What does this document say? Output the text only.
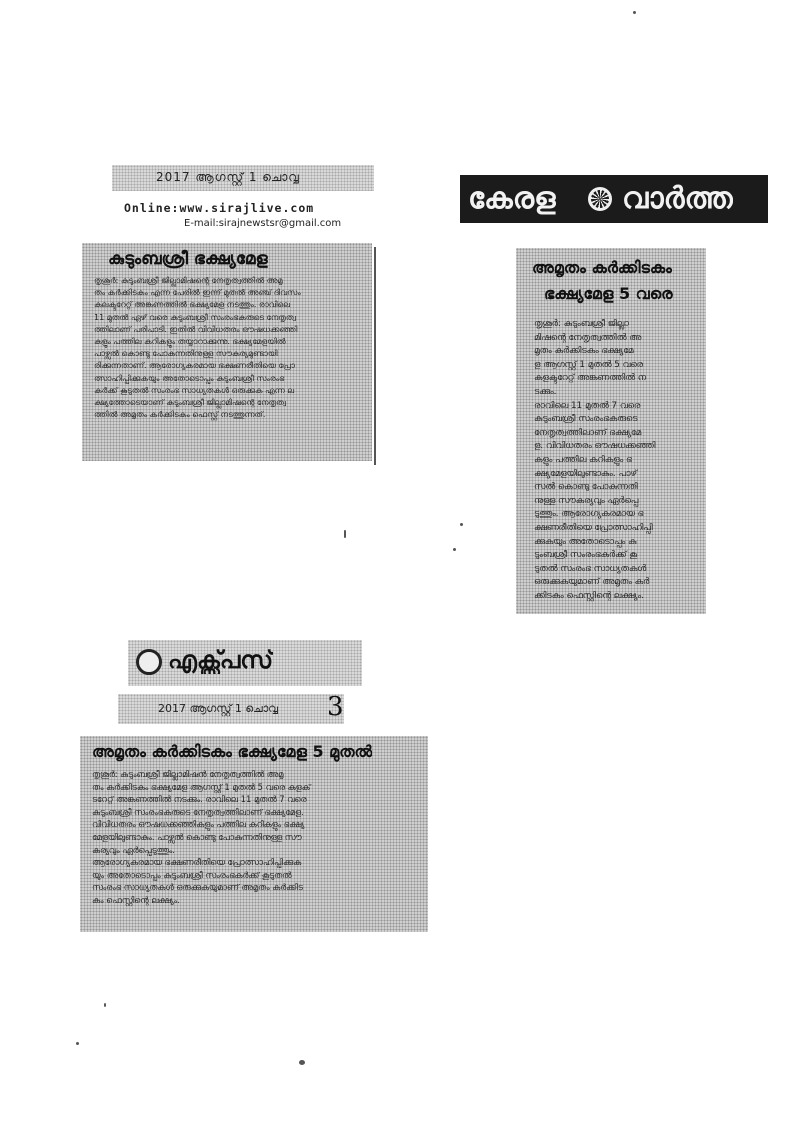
2017 ആഗസ്റ്റ് 1 ചൊവ്വ
Online:www.sirajlive.com
E-mail:sirajnewstsr@gmail.com
കുടുംബശ്രീ ഭക്ഷ്യമേള
തൃശൂർ: കുടുംബശ്രീ ജില്ലാമിഷന്റെ നേതൃത്വത്തിൽ അമൃ
തം കർക്കിടകം എന്ന പേരിൽ ഇന്ന് മുതൽ അഞ്ച് ദിവസം
കലക്ടറേറ്റ് അങ്കണത്തിൽ ഭക്ഷ്യമേള നടത്തും. രാവിലെ
11 മുതൽ ഏഴ് വരെ കുടുംബശ്രീ സംരംഭകരുടെ നേതൃത്വ
ത്തിലാണ് പരിപാടി. ഇതിൽ വിവിധതരം ഔഷധക്കഞ്ഞി
കളും പത്തില കറികളും തയ്യാറാക്കുന്നു. ഭക്ഷ്യമേളയിൽ
പാഴ്സൽ കൊണ്ടു പോകുന്നതിനുള്ള സൗകര്യമുണ്ടായി
രിക്കുന്നതാണ്. ആരോഗ്യകരമായ ഭക്ഷണരീതിയെ പ്രോ
ത്സാഹിപ്പിക്കുകയും അതോടൊപ്പം കുടുംബശ്രീ സംരംഭ
കർക്ക് കൂടുതൽ സംരംഭ സാധ്യതകൾ ഒരുക്കുക എന്ന ല
ക്ഷ്യത്തോടെയാണ് കുടുംബശ്രീ ജില്ലാമിഷന്റെ നേതൃത്വ
ത്തിൽ അമൃതം കർക്കിടകം ഫെസ്റ്റ് നടത്തുന്നത്.
കേരള വാർത്ത
അമൃതം കർക്കിടകം
ഭക്ഷ്യമേള 5 വരെ
തൃശൂർ: കുടുംബശ്രീ ജില്ലാ
മിഷന്റെ നേതൃത്വത്തിൽ അ
മൃതം കർക്കിടകം ഭക്ഷ്യമേ
ള ആഗസ്റ്റ് 1 മുതൽ 5 വരെ
കളക്ടറേറ്റ് അങ്കണത്തിൽ ന
ടക്കും.
രാവിലെ 11 മുതൽ 7 വരെ
കുടുംബശ്രീ സംരംഭകരുടെ
നേതൃത്വത്തിലാണ് ഭക്ഷ്യമേ
ള. വിവിധതരം ഔഷധക്കഞ്ഞി
കളും പത്തില കറികളും ഭ
ക്ഷ്യമേളയിലുണ്ടാകും. പാഴ്
സൽ കൊണ്ടു പോകുന്നതി
നുള്ള സൗകര്യവും ഏർപ്പെ
ടുത്തും. ആരോഗ്യകരമായ ഭ
ക്ഷണരീതിയെ പ്രോത്സാഹിപ്പി
ക്കുകയും അതോടൊപ്പം കു
ടുംബശ്രീ സംരംഭകർക്ക് കൂ
ടുതൽ സംരംഭ സാധ്യതകൾ
ഒരുക്കുകയുമാണ് അമൃതം കർ
ക്കിടകം ഫെസ്റ്റിന്റെ ലക്ഷ്യം.
എക്സ്പ്രസ്
2017 ആഗസ്റ്റ് 1 ചൊവ്വ 3
അമൃതം കർക്കിടകം ഭക്ഷ്യമേള 5 മുതൽ
തൃശൂർ: കുടുംബശ്രീ ജില്ലാമിഷൻ നേതൃത്വത്തിൽ അമൃ
തം കർക്കിടകം ഭക്ഷ്യമേള ആഗസ്റ്റ് 1 മുതൽ 5 വരെ കളക്
ടറേറ്റ് അങ്കണത്തിൽ നടക്കും. രാവിലെ 11 മുതൽ 7 വരെ
കുടുംബശ്രീ സംരംഭകരുടെ നേതൃത്വത്തിലാണ് ഭക്ഷ്യമേള.
വിവിധതരം ഔഷധക്കഞ്ഞികളും പത്തില കറികളും ഭക്ഷ്യ
മേളയിലുണ്ടാകും. പാഴ്സൽ കൊണ്ടു പോകുന്നതിനുള്ള സൗ
കര്യവും ഏർപ്പെടുത്തും.
ആരോഗ്യകരമായ ഭക്ഷണരീതിയെ പ്രോത്സാഹിപ്പിക്കുക
യും അതോടൊപ്പം കുടുംബശ്രീ സംരംഭകർക്ക് കൂടുതൽ
സംരംഭ സാധ്യതകൾ ഒരുക്കുകയുമാണ് അമൃതം കർക്കിട
കം ഫെസ്റ്റിന്റെ ലക്ഷ്യം.
